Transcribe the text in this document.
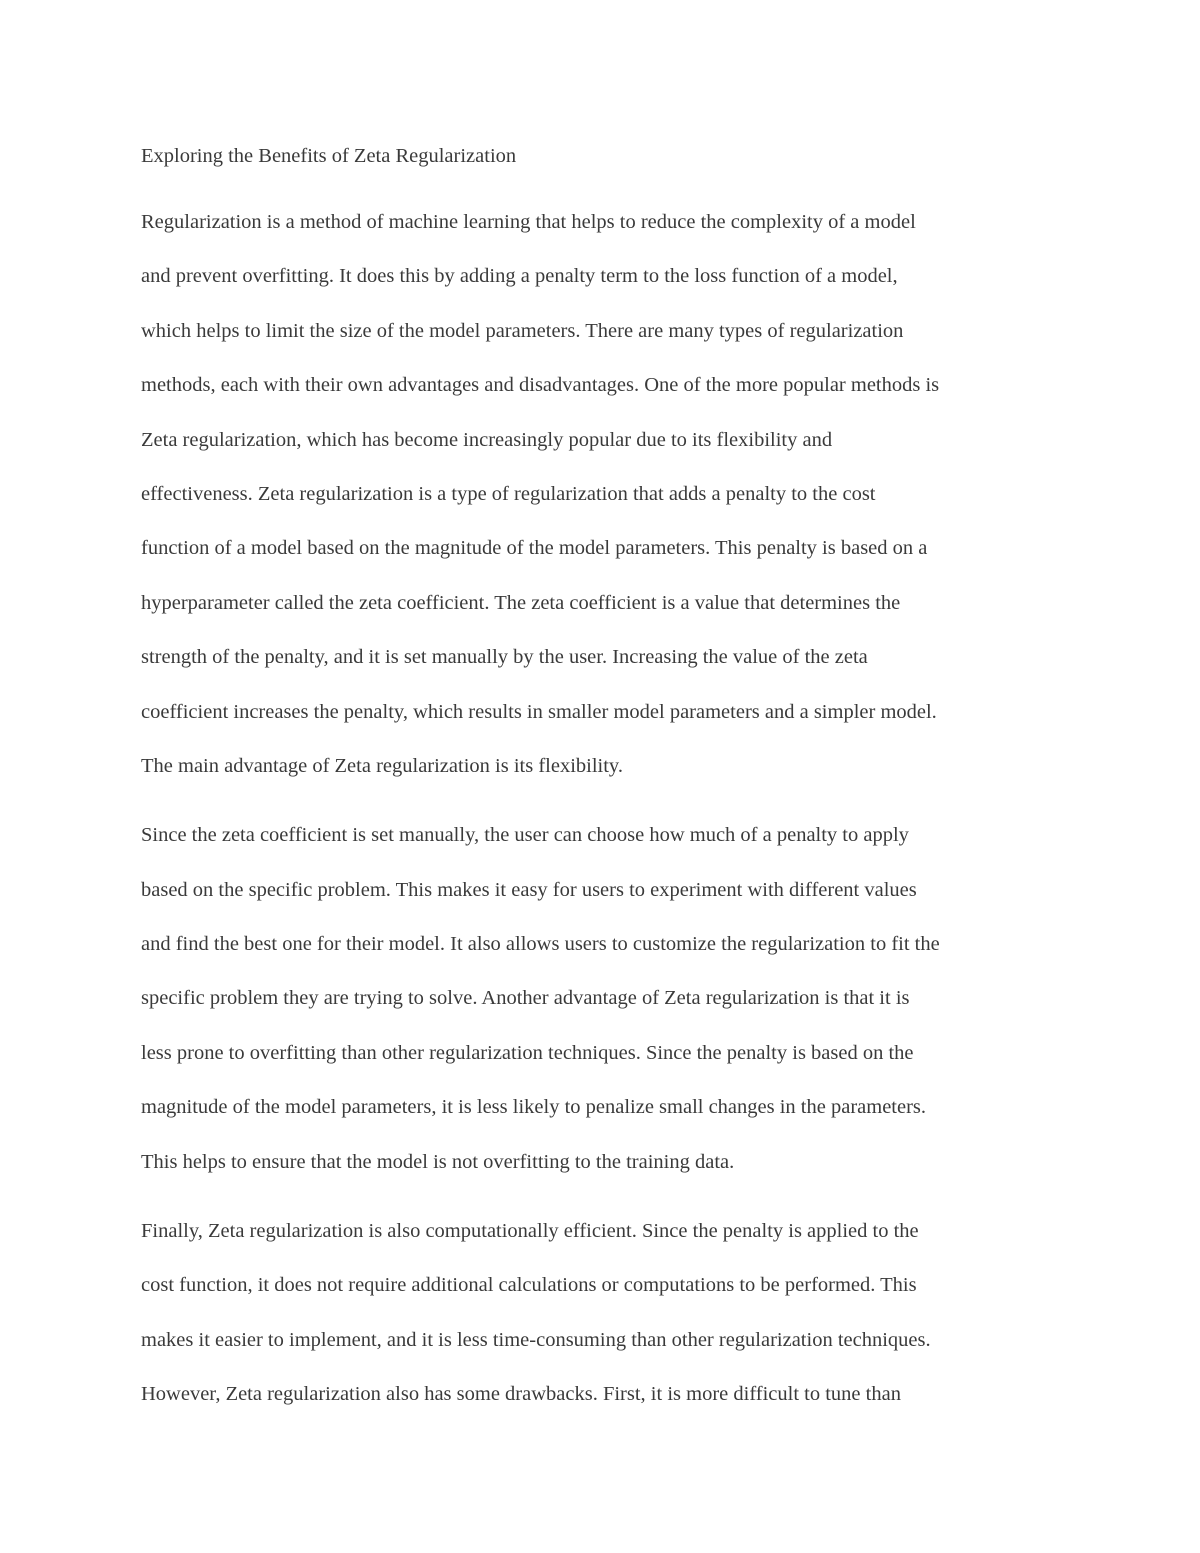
Exploring the Benefits of Zeta Regularization

Regularization is a method of machine learning that helps to reduce the complexity of a model
and prevent overfitting. It does this by adding a penalty term to the loss function of a model,
which helps to limit the size of the model parameters. There are many types of regularization
methods, each with their own advantages and disadvantages. One of the more popular methods is
Zeta regularization, which has become increasingly popular due to its flexibility and
effectiveness. Zeta regularization is a type of regularization that adds a penalty to the cost
function of a model based on the magnitude of the model parameters. This penalty is based on a
hyperparameter called the zeta coefficient. The zeta coefficient is a value that determines the
strength of the penalty, and it is set manually by the user. Increasing the value of the zeta
coefficient increases the penalty, which results in smaller model parameters and a simpler model.
The main advantage of Zeta regularization is its flexibility.

Since the zeta coefficient is set manually, the user can choose how much of a penalty to apply
based on the specific problem. This makes it easy for users to experiment with different values
and find the best one for their model. It also allows users to customize the regularization to fit the
specific problem they are trying to solve. Another advantage of Zeta regularization is that it is
less prone to overfitting than other regularization techniques. Since the penalty is based on the
magnitude of the model parameters, it is less likely to penalize small changes in the parameters.
This helps to ensure that the model is not overfitting to the training data.

Finally, Zeta regularization is also computationally efficient. Since the penalty is applied to the
cost function, it does not require additional calculations or computations to be performed. This
makes it easier to implement, and it is less time-consuming than other regularization techniques.
However, Zeta regularization also has some drawbacks. First, it is more difficult to tune than
